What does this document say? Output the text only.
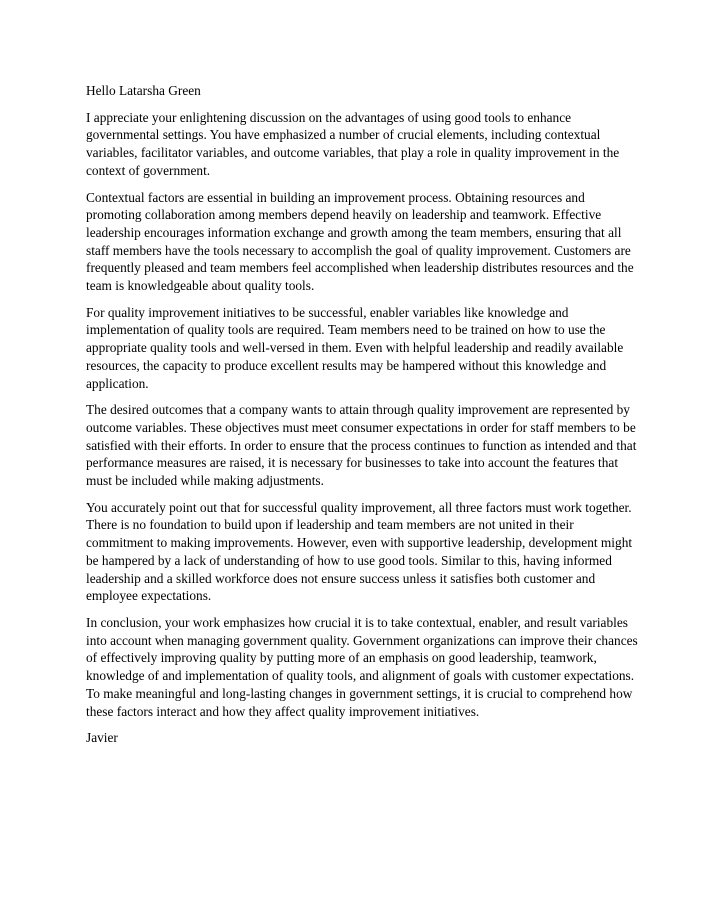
Hello Latarsha Green

I appreciate your enlightening discussion on the advantages of using good tools to enhance governmental settings. You have emphasized a number of crucial elements, including contextual variables, facilitator variables, and outcome variables, that play a role in quality improvement in the context of government.

Contextual factors are essential in building an improvement process. Obtaining resources and promoting collaboration among members depend heavily on leadership and teamwork. Effective leadership encourages information exchange and growth among the team members, ensuring that all staff members have the tools necessary to accomplish the goal of quality improvement. Customers are frequently pleased and team members feel accomplished when leadership distributes resources and the team is knowledgeable about quality tools.

For quality improvement initiatives to be successful, enabler variables like knowledge and implementation of quality tools are required. Team members need to be trained on how to use the appropriate quality tools and well-versed in them. Even with helpful leadership and readily available resources, the capacity to produce excellent results may be hampered without this knowledge and application.

The desired outcomes that a company wants to attain through quality improvement are represented by outcome variables. These objectives must meet consumer expectations in order for staff members to be satisfied with their efforts. In order to ensure that the process continues to function as intended and that performance measures are raised, it is necessary for businesses to take into account the features that must be included while making adjustments.

You accurately point out that for successful quality improvement, all three factors must work together. There is no foundation to build upon if leadership and team members are not united in their commitment to making improvements. However, even with supportive leadership, development might be hampered by a lack of understanding of how to use good tools. Similar to this, having informed leadership and a skilled workforce does not ensure success unless it satisfies both customer and employee expectations.

In conclusion, your work emphasizes how crucial it is to take contextual, enabler, and result variables into account when managing government quality. Government organizations can improve their chances of effectively improving quality by putting more of an emphasis on good leadership, teamwork, knowledge of and implementation of quality tools, and alignment of goals with customer expectations. To make meaningful and long-lasting changes in government settings, it is crucial to comprehend how these factors interact and how they affect quality improvement initiatives.

Javier
